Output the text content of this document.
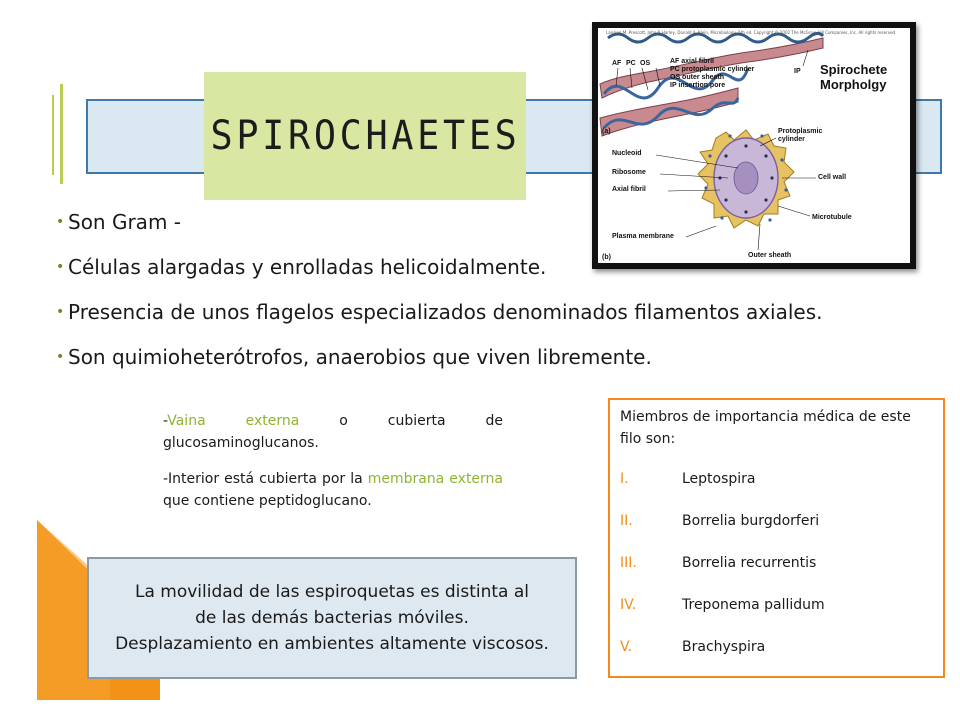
SPIROCHAETES
Lansing M. Prescott, John P. Harley, Donald A. Klein, Microbiology, 5th ed. Copyright © 2002 The McGraw-Hill Companies, Inc. All rights reserved.
Spirochete
Morpholgy
AF axial fibril
PC protoplasmic cylinder
OS outer sheath
IP insertion pore
AF PC OS
IP
(a)
(b)
Protoplasmic
cylinder
Nucleoid
Ribosome
Axial fibril
Cell wall
Microtubule
Plasma membrane
Outer sheath
• Son Gram -
• Células alargadas y enrolladas helicoidalmente.
• Presencia de unos flagelos especializados denominados filamentos axiales.
• Son quimioheterótrofos, anaerobios que viven libremente.

-Vaina externa o cubierta de glucosaminoglucanos.

-Interior está cubierta por la membrana externa que contiene peptidoglucano.

Miembros de importancia médica de este filo son:
I.	Leptospira
II.	Borrelia burgdorferi
III.	Borrelia recurrentis
IV.	Treponema pallidum
V.	Brachyspira
La movilidad de las espiroquetas es distinta al
de las demás bacterias móviles.
Desplazamiento en ambientes altamente viscosos.
